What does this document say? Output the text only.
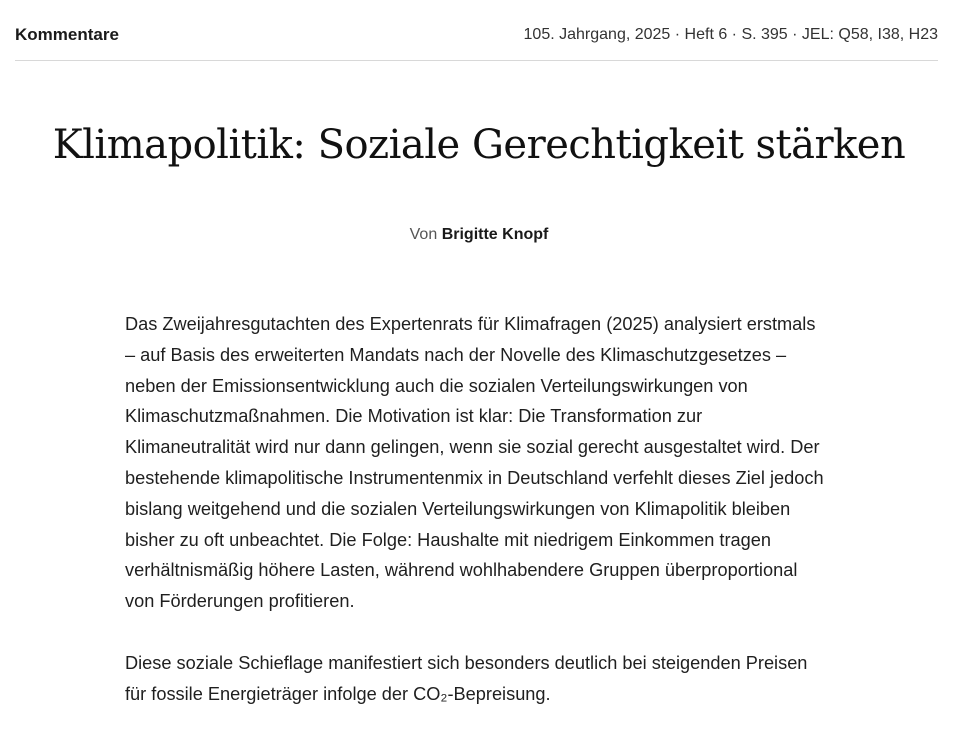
Kommentare	105. Jahrgang, 2025 · Heft 6 · S. 395 · JEL: Q58, I38, H23
Klimapolitik: Soziale Gerechtigkeit stärken
Von Brigitte Knopf

Das Zweijahresgutachten des Expertenrats für Klimafragen (2025) analysiert erstmals – auf Basis des erweiterten Mandats nach der Novelle des Klimaschutzgesetzes – neben der Emissionsentwicklung auch die sozialen Verteilungswirkungen von Klimaschutzmaßnahmen. Die Motivation ist klar: Die Transformation zur Klimaneutralität wird nur dann gelingen, wenn sie sozial gerecht ausgestaltet wird. Der bestehende klimapolitische Instrumentenmix in Deutschland verfehlt dieses Ziel jedoch bislang weitgehend und die sozialen Verteilungswirkungen von Klimapolitik bleiben bisher zu oft unbeachtet. Die Folge: Haushalte mit niedrigem Einkommen tragen verhältnismäßig höhere Lasten, während wohlhabendere Gruppen überproportional von Förderungen profitieren.

Diese soziale Schieflage manifestiert sich besonders deutlich bei steigenden Preisen für fossile Energieträger infolge der CO₂-Bepreisung.
